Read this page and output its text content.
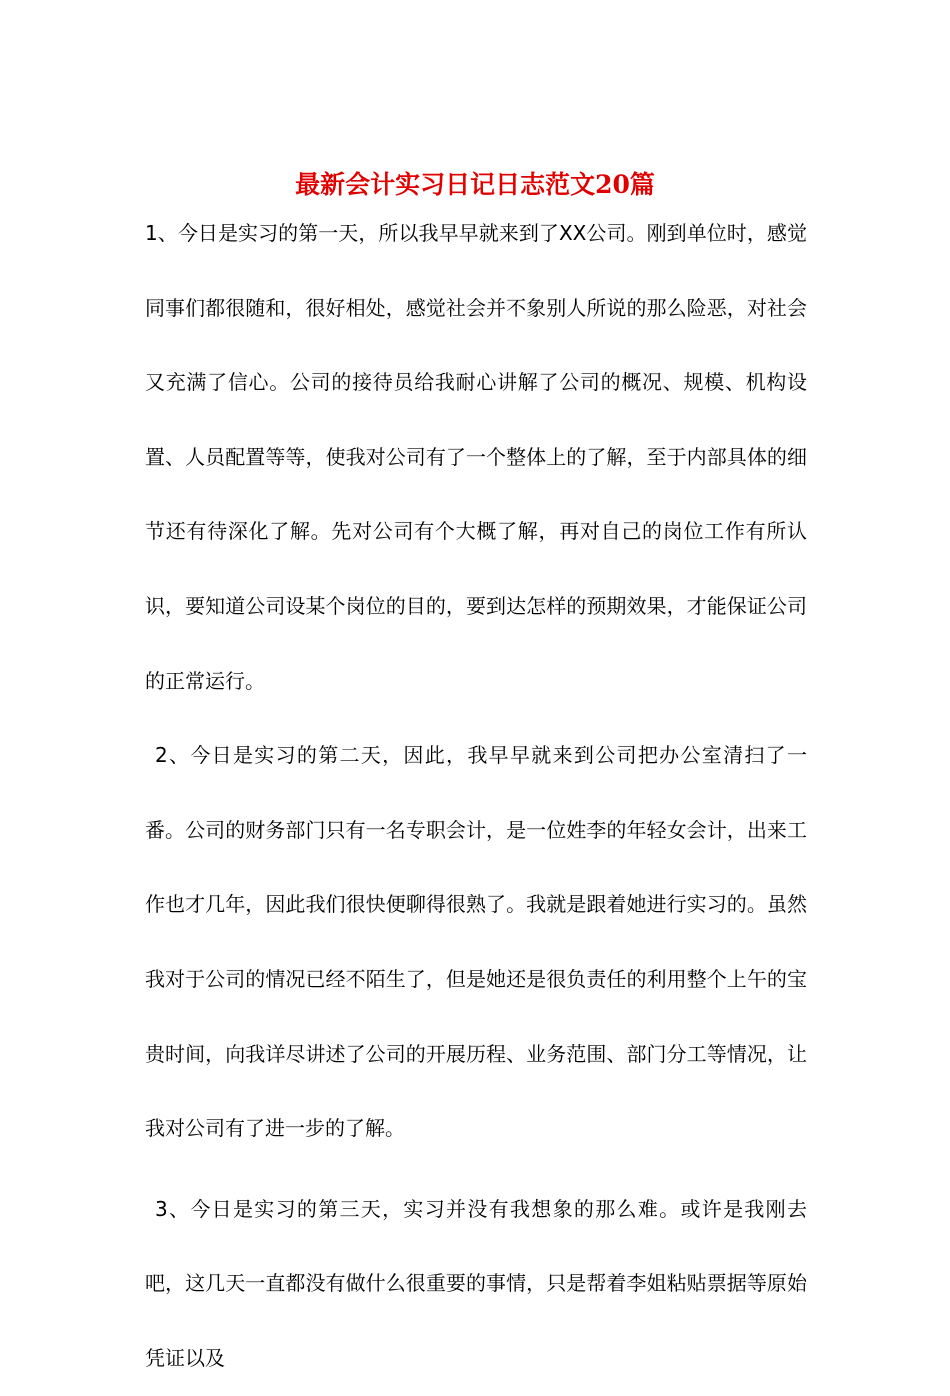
最新会计实习日记日志范文20篇

1、今日是实习的第一天，所以我早早就来到了XX公司。刚到单位时，感觉同事们都很随和，很好相处，感觉社会并不象别人所说的那么险恶，对社会又充满了信心。公司的接待员给我耐心讲解了公司的概况、规模、机构设置、人员配置等等，使我对公司有了一个整体上的了解，至于内部具体的细节还有待深化了解。先对公司有个大概了解，再对自己的岗位工作有所认识，要知道公司设某个岗位的目的，要到达怎样的预期效果，才能保证公司的正常运行。

2、今日是实习的第二天，因此，我早早就来到公司把办公室清扫了一番。公司的财务部门只有一名专职会计，是一位姓李的年轻女会计，出来工作也才几年，因此我们很快便聊得很熟了。我就是跟着她进行实习的。虽然我对于公司的情况已经不陌生了，但是她还是很负责任的利用整个上午的宝贵时间，向我详尽讲述了公司的开展历程、业务范围、部门分工等情况，让我对公司有了进一步的了解。

3、今日是实习的第三天，实习并没有我想象的那么难。或许是我刚去吧，这几天一直都没有做什么很重要的事情，只是帮着李姐粘贴票据等原始凭证以及
